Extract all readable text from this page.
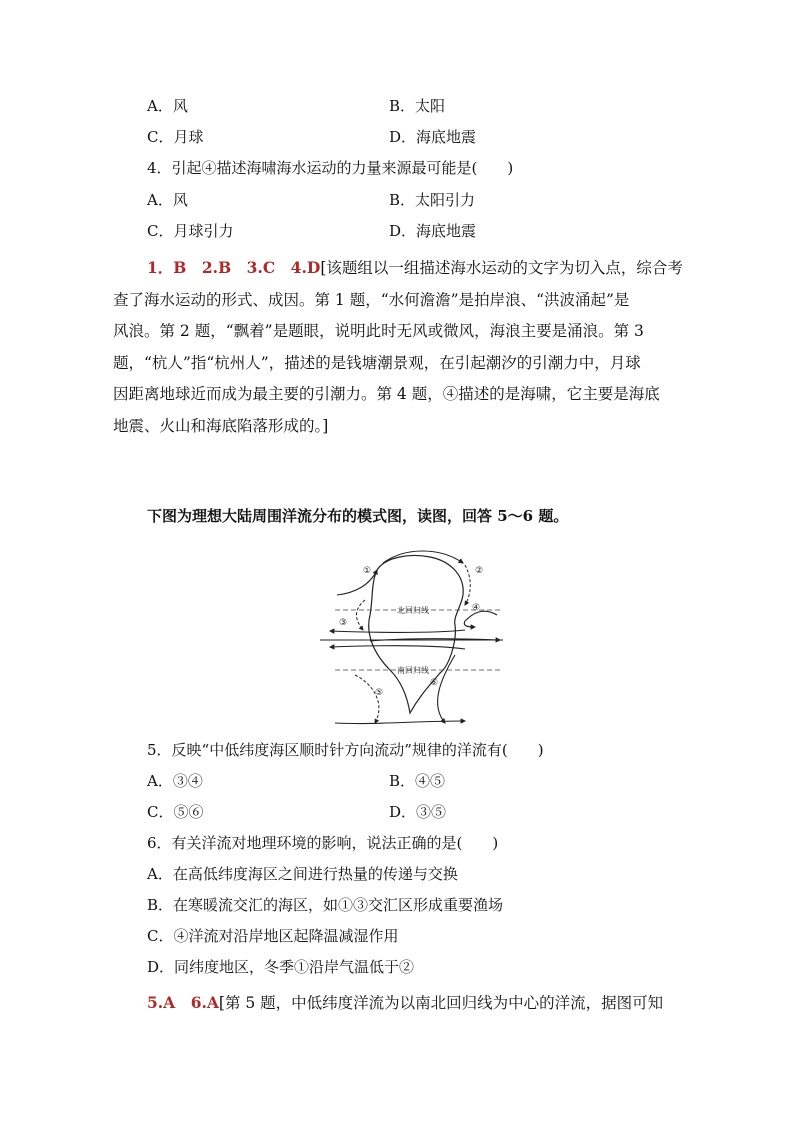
A．风	B．太阳
C．月球	D．海底地震
4．引起④描述海啸海水运动的力量来源最可能是(　　)
A．风	B．太阳引力
C．月球引力	D．海底地震
1．B　2.B　3.C　4.D[该题组以一组描述海水运动的文字为切入点，综合考
查了海水运动的形式、成因。第 1 题，“水何澹澹”是拍岸浪、“洪波涌起”是
风浪。第 2 题，“飘着”是题眼，说明此时无风或微风，海浪主要是涌浪。第 3
题，“杭人”指“杭州人”，描述的是钱塘潮景观，在引起潮汐的引潮力中，月球
因距离地球近而成为最主要的引潮力。第 4 题，④描述的是海啸，它主要是海底
地震、火山和海底陷落形成的。]
下图为理想大陆周围洋流分布的模式图，读图，回答 5～6 题。
北回归线
南回归线
①	②
③
④
⑤
⑥
5．反映“中低纬度海区顺时针方向流动”规律的洋流有(　　)
A．③④	B．④⑤
C．⑤⑥	D．③⑤
6．有关洋流对地理环境的影响，说法正确的是(　　)
A．在高低纬度海区之间进行热量的传递与交换
B．在寒暖流交汇的海区，如①③交汇区形成重要渔场
C．④洋流对沿岸地区起降温减湿作用
D．同纬度地区，冬季①沿岸气温低于②
5.A　6.A[第 5 题，中低纬度洋流为以南北回归线为中心的洋流，据图可知
